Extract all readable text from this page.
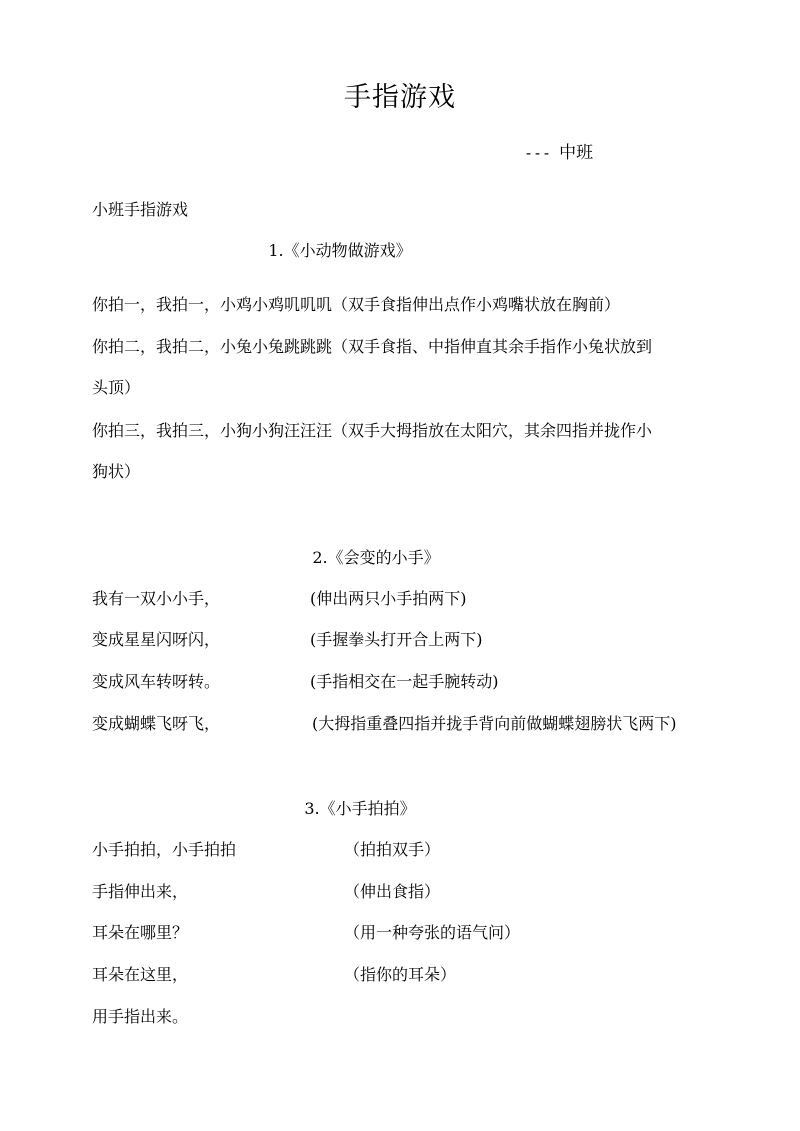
手指游戏
--- 中班
小班手指游戏
1.《小动物做游戏》
你拍一，我拍一，小鸡小鸡叽叽叽（双手食指伸出点作小鸡嘴状放在胸前）
你拍二，我拍二，小兔小兔跳跳跳（双手食指、中指伸直其余手指作小兔状放到
头顶）
你拍三，我拍三，小狗小狗汪汪汪（双手大拇指放在太阳穴，其余四指并拢作小
狗状）
2.《会变的小手》
我有一双小小手，	(伸出两只小手拍两下)
变成星星闪呀闪，	(手握拳头打开合上两下)
变成风车转呀转。	(手指相交在一起手腕转动)
变成蝴蝶飞呀飞，	(大拇指重叠四指并拢手背向前做蝴蝶翅膀状飞两下)
3.《小手拍拍》
小手拍拍，小手拍拍	（拍拍双手）
手指伸出来，	（伸出食指）
耳朵在哪里？	（用一种夸张的语气问）
耳朵在这里，	（指你的耳朵）
用手指出来。
